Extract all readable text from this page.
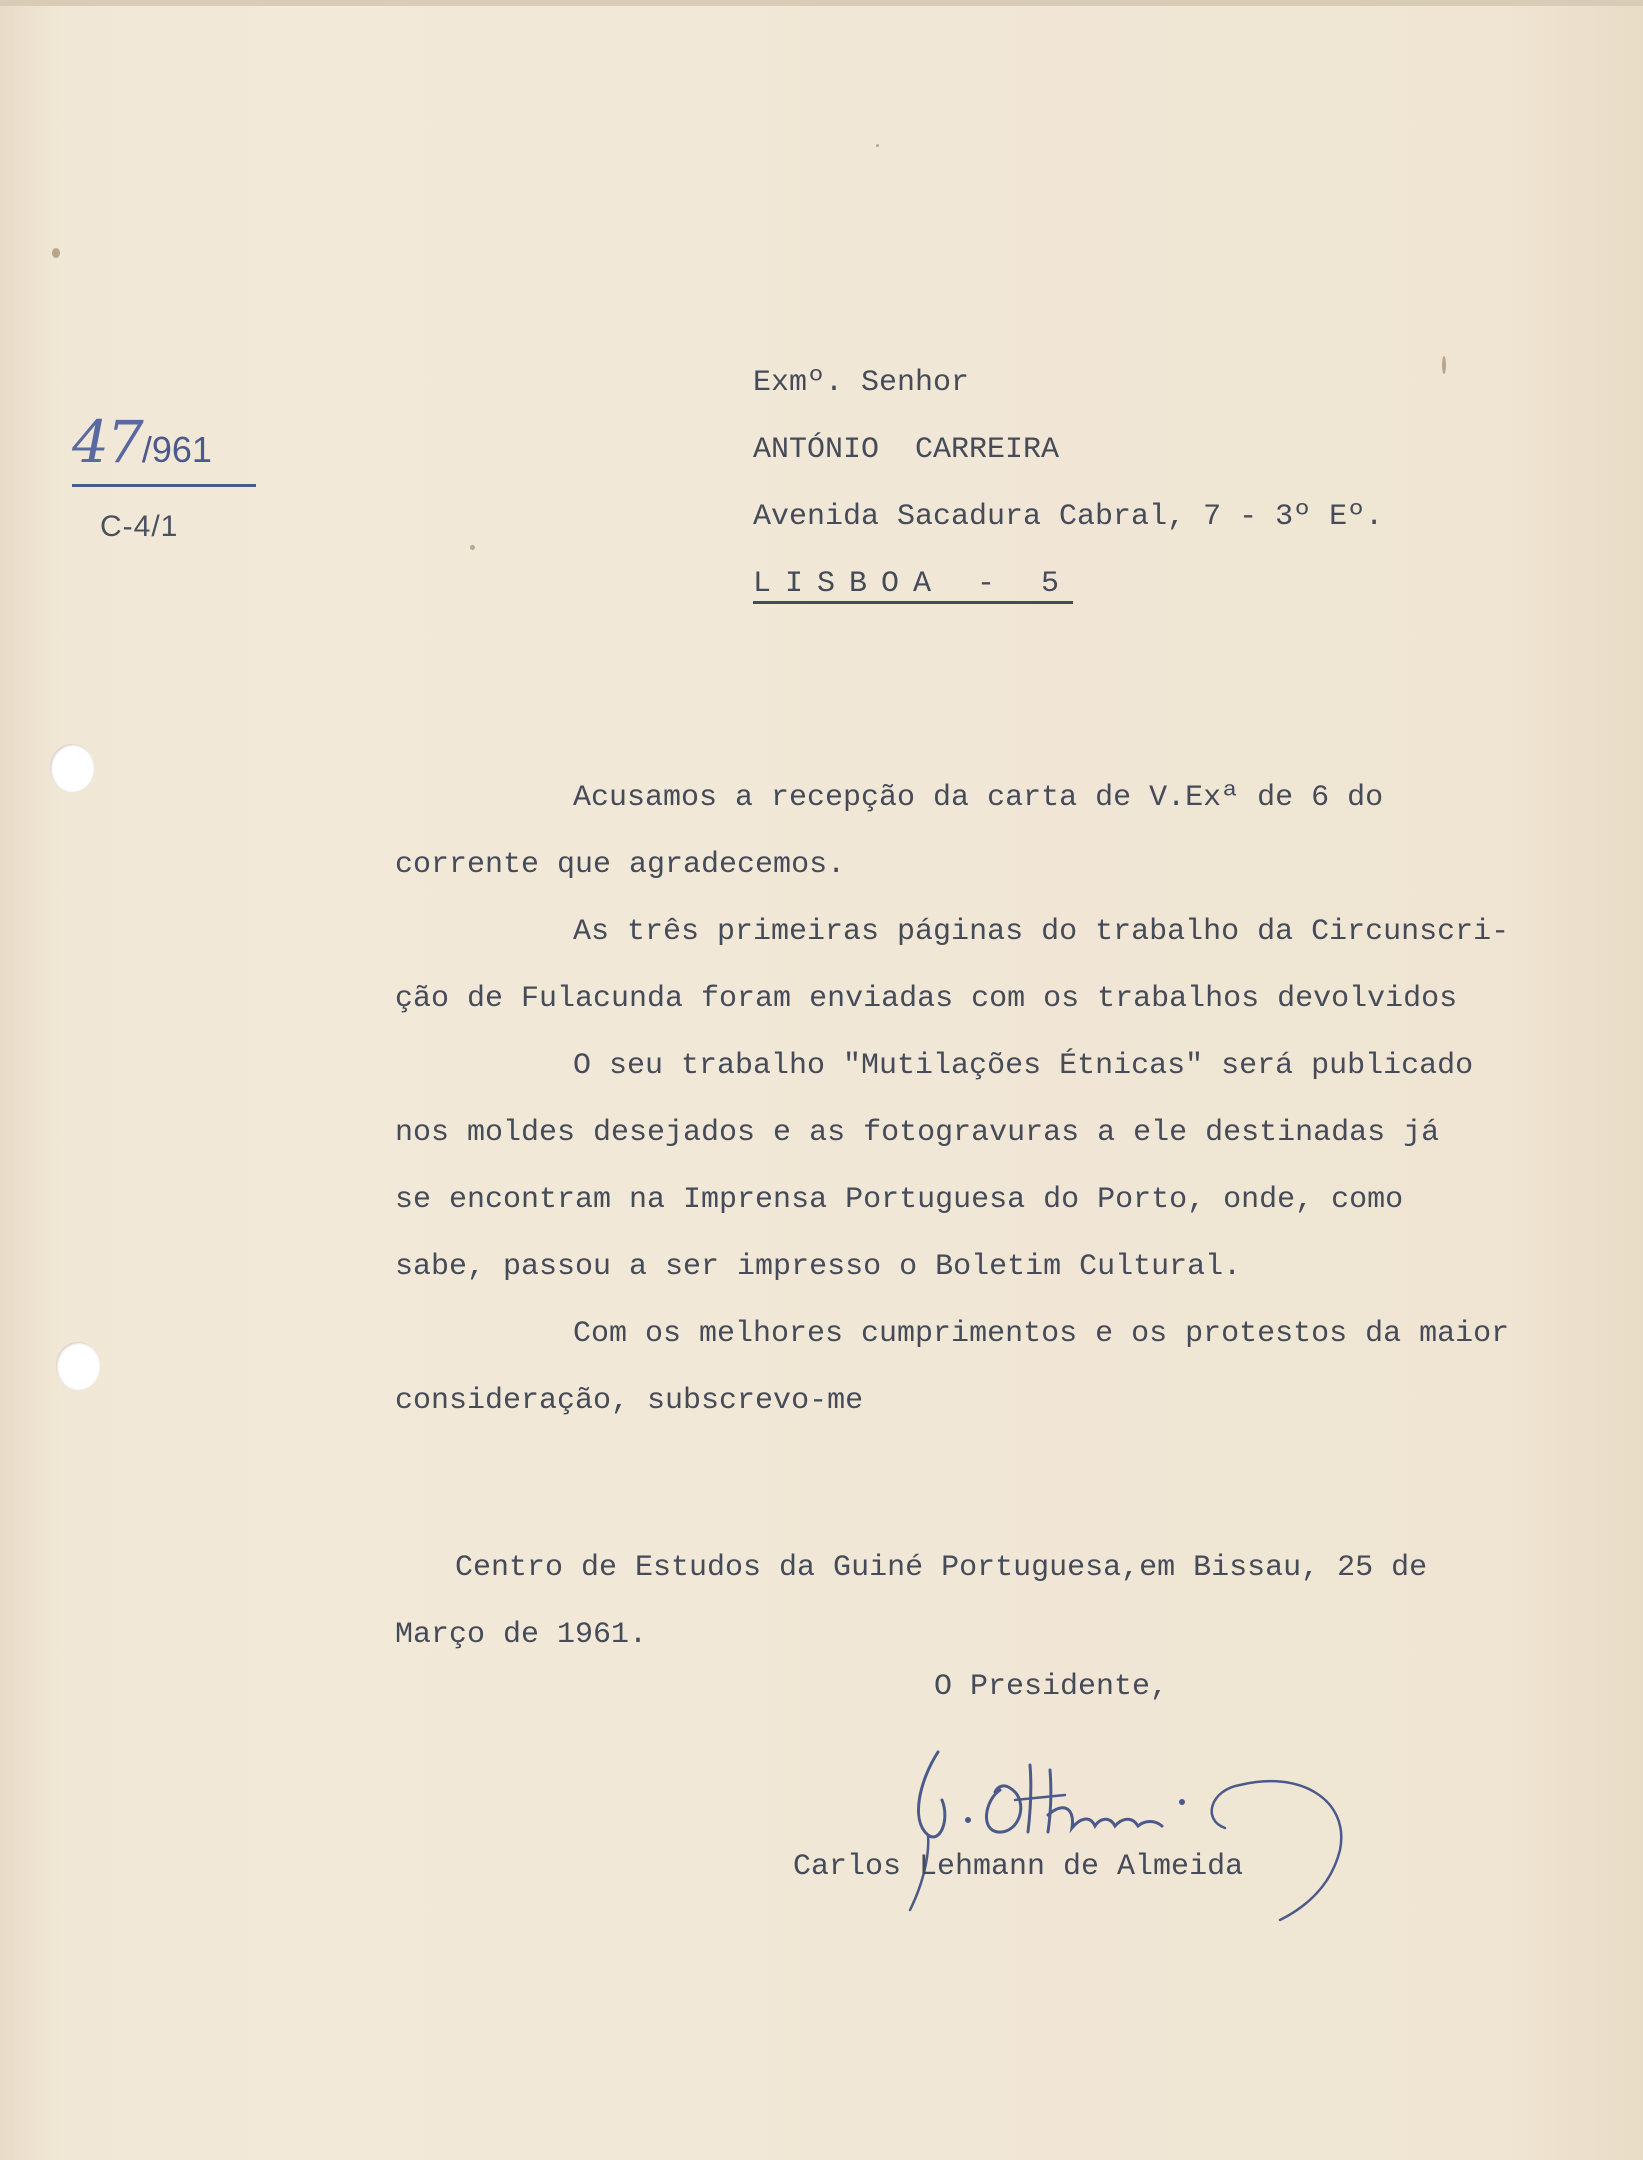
47/961
C-4/1
Exmº. Senhor
ANTÓNIO  CARREIRA
Avenida Sacadura Cabral, 7 - 3º Eº.
LISBOA - 5

Acusamos a recepção da carta de V.Exª de 6 do

corrente que agradecemos.

As três primeiras páginas do trabalho da Circunscri-

ção de Fulacunda foram enviadas com os trabalhos devolvidos

O seu trabalho "Mutilações Étnicas" será publicado

nos moldes desejados e as fotogravuras a ele destinadas já

se encontram na Imprensa Portuguesa do Porto, onde, como

sabe, passou a ser impresso o Boletim Cultural.

Com os melhores cumprimentos e os protestos da maior

consideração, subscrevo-me

Centro de Estudos da Guiné Portuguesa,em Bissau, 25 de

Março de 1961.

O Presidente,
Carlos Lehmann de Almeida
